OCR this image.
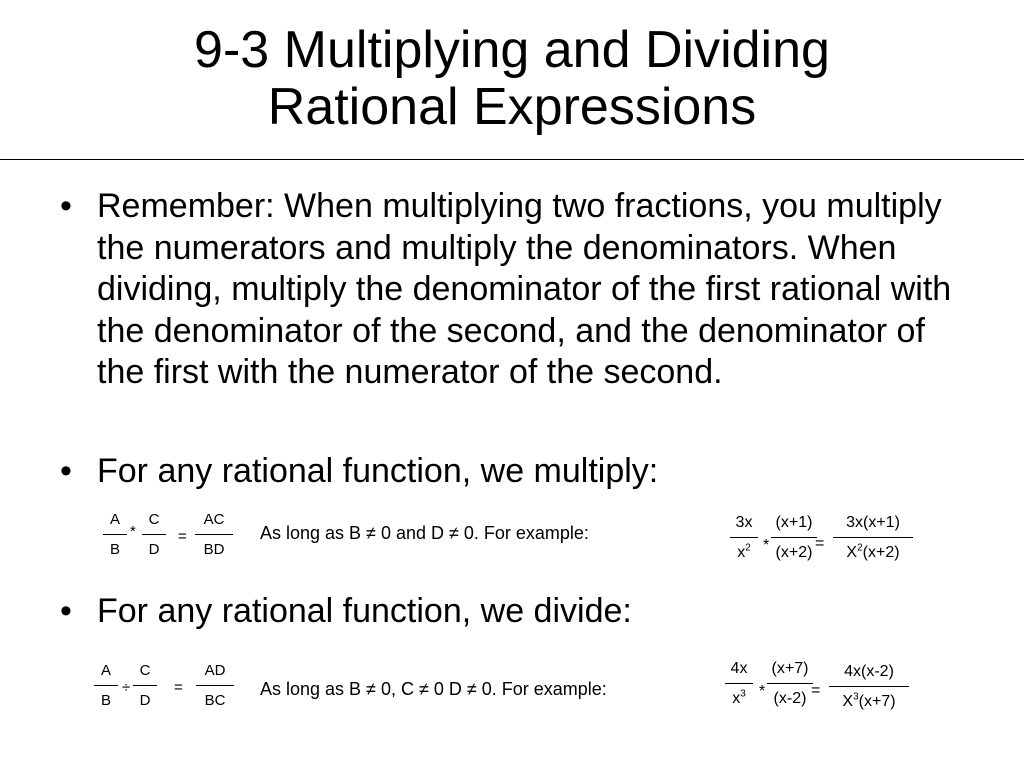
9-3 Multiplying and Dividing
Rational Expressions
• Remember: When multiplying two fractions, you multiply the numerators and multiply the denominators. When dividing, multiply the denominator of the first rational with the denominator of the second, and the denominator of the first with the numerator of the second.
• For any rational function, we multiply:
• For any rational function, we divide:
A
B
*
C
D
=
AC
BD
As long as B ≠ 0 and D ≠ 0. For example:
3x
$x^2$ *
(x+1)
(x+2)
=
3x(x+1)
$X^2(x+2)$
A
B
÷
C
D
=
AD
BC
As long as B ≠ 0, C ≠ 0 D ≠ 0. For example:
4x
$x^3$ *
(x+7)
(x-2) =
4x(x-2)
$X^3(x+7)$
